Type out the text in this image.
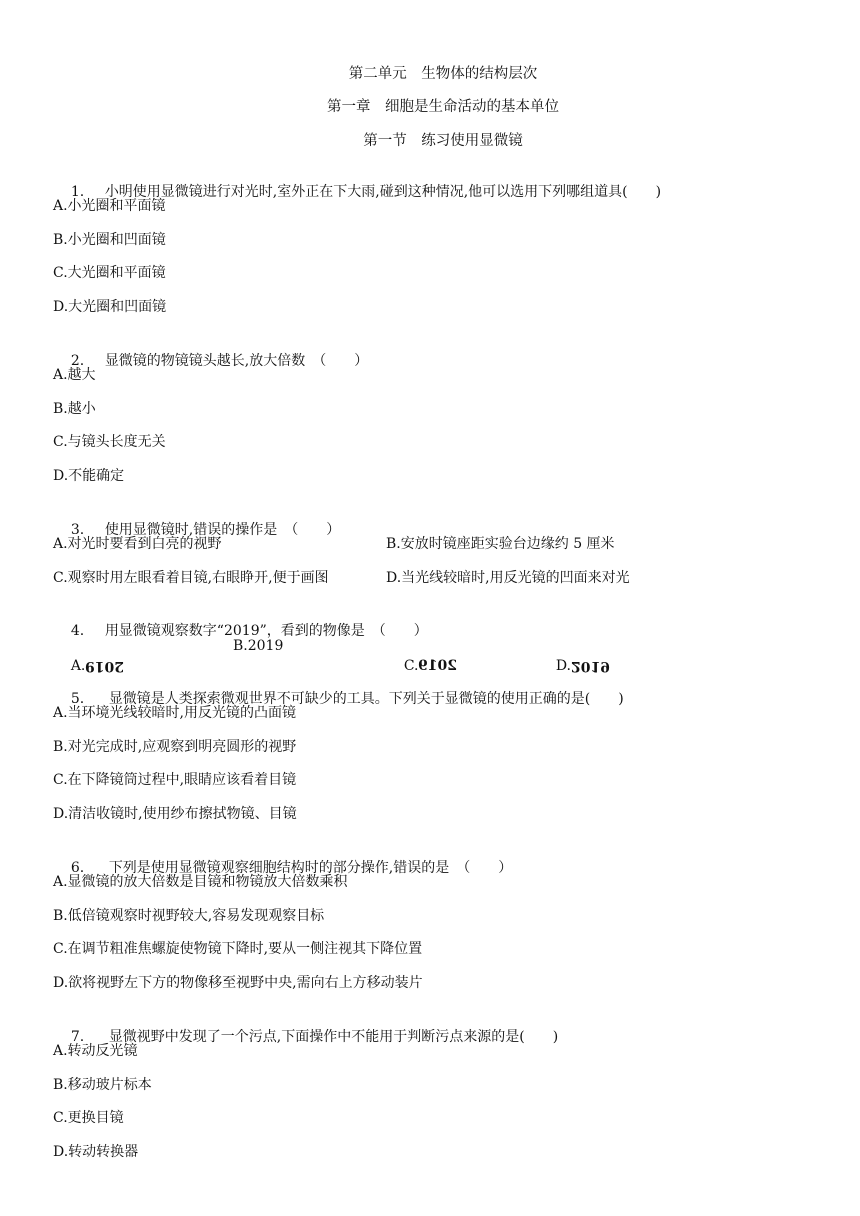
第二单元　生物体的结构层次
第一章　细胞是生命活动的基本单位
第一节　练习使用显微镜

1. 小明使用显微镜进行对光时,室外正在下大雨,碰到这种情况,他可以选用下列哪组道具(　　)

A.小光圈和平面镜
B.小光圈和凹面镜
C.大光圈和平面镜
D.大光圈和凹面镜

2. 显微镜的物镜镜头越长,放大倍数　（　　）

A.越大
B.越小
C.与镜头长度无关
D.不能确定

3. 使用显微镜时,错误的操作是　（　　）

A.对光时要看到白亮的视野	B.安放时镜座距实验台边缘约 5 厘米
C.观察时用左眼看着目镜,右眼睁开,便于画图	D.当光线较暗时,用反光镜的凹面来对光

4. 用显微镜观察数字“2019”，看到的物像是　（　　）

A.2019

B.2019

C.2019
	D.2019

5. 显微镜是人类探索微观世界不可缺少的工具。下列关于显微镜的使用正确的是(　　)

A.当环境光线较暗时,用反光镜的凸面镜
B.对光完成时,应观察到明亮圆形的视野
C.在下降镜筒过程中,眼睛应该看着目镜
D.清洁收镜时,使用纱布擦拭物镜、目镜

6. 下列是使用显微镜观察细胞结构时的部分操作,错误的是　（　　）

A.显微镜的放大倍数是目镜和物镜放大倍数乘积
B.低倍镜观察时视野较大,容易发现观察目标
C.在调节粗准焦螺旋使物镜下降时,要从一侧注视其下降位置
D.欲将视野左下方的物像移至视野中央,需向右上方移动装片

7. 显微视野中发现了一个污点,下面操作中不能用于判断污点来源的是(　　)

A.转动反光镜
B.移动玻片标本
C.更换目镜
D.转动转换器
